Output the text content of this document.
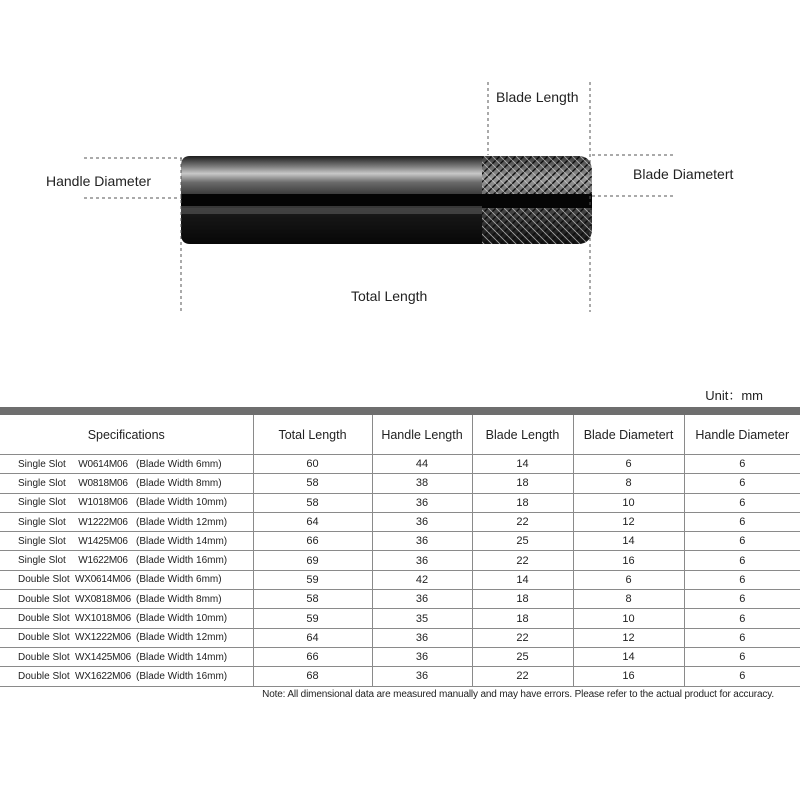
Handle Diameter
Blade Length
Blade Diametert
Total Length
Unit：mm
Specifications	Total Length	Handle Length	Blade Length	Blade Diametert	Handle Diameter
Single Slot W0614M06 (Blade Width 6mm)	60	44	14	6	6
Single Slot W0818M06 (Blade Width 8mm)	58	38	18	8	6
Single Slot W1018M06 (Blade Width 10mm)	58	36	18	10	6
Single Slot W1222M06 (Blade Width 12mm)	64	36	22	12	6
Single Slot W1425M06 (Blade Width 14mm)	66	36	25	14	6
Single Slot W1622M06 (Blade Width 16mm)	69	36	22	16	6
Double Slot WX0614M06 (Blade Width 6mm)	59	42	14	6	6
Double Slot WX0818M06 (Blade Width 8mm)	58	36	18	8	6
Double Slot WX1018M06 (Blade Width 10mm)	59	35	18	10	6
Double Slot WX1222M06 (Blade Width 12mm)	64	36	22	12	6
Double Slot WX1425M06 (Blade Width 14mm)	66	36	25	14	6
Double Slot WX1622M06 (Blade Width 16mm)	68	36	22	16	6
Note: All dimensional data are measured manually and may have errors. Please refer to the actual product for accuracy.
